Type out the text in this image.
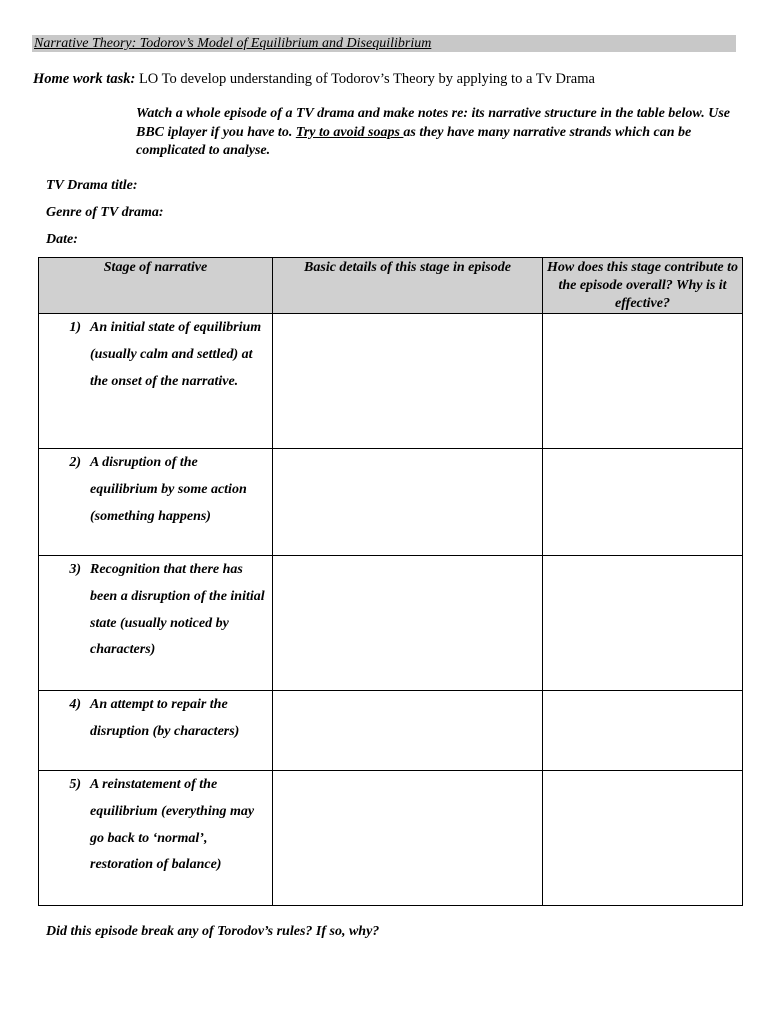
Narrative Theory: Todorov’s Model of Equilibrium and Disequilibrium
Home work task: LO To develop understanding of Todorov’s Theory by applying to a Tv Drama
Watch a whole episode of a TV drama and make notes re: its narrative structure in the table below. Use BBC iplayer if you have to. Try to avoid soaps as they have many narrative strands which can be complicated to analyse.
TV Drama title:
Genre of TV drama:
Date:
Stage of narrative	Basic details of this stage in episode	How does this stage contribute to the episode overall? Why is it effective?

1) An initial state of equilibrium (usually calm and settled) at the onset of the narrative.		

2) A disruption of the equilibrium by some action (something happens)		

3) Recognition that there has been a disruption of the initial state (usually noticed by characters)		

4) An attempt to repair the disruption (by characters)		

5) A reinstatement of the equilibrium (everything may go back to ‘normal’, restoration of balance)		

Did this episode break any of Torodov’s rules? If so, why?
